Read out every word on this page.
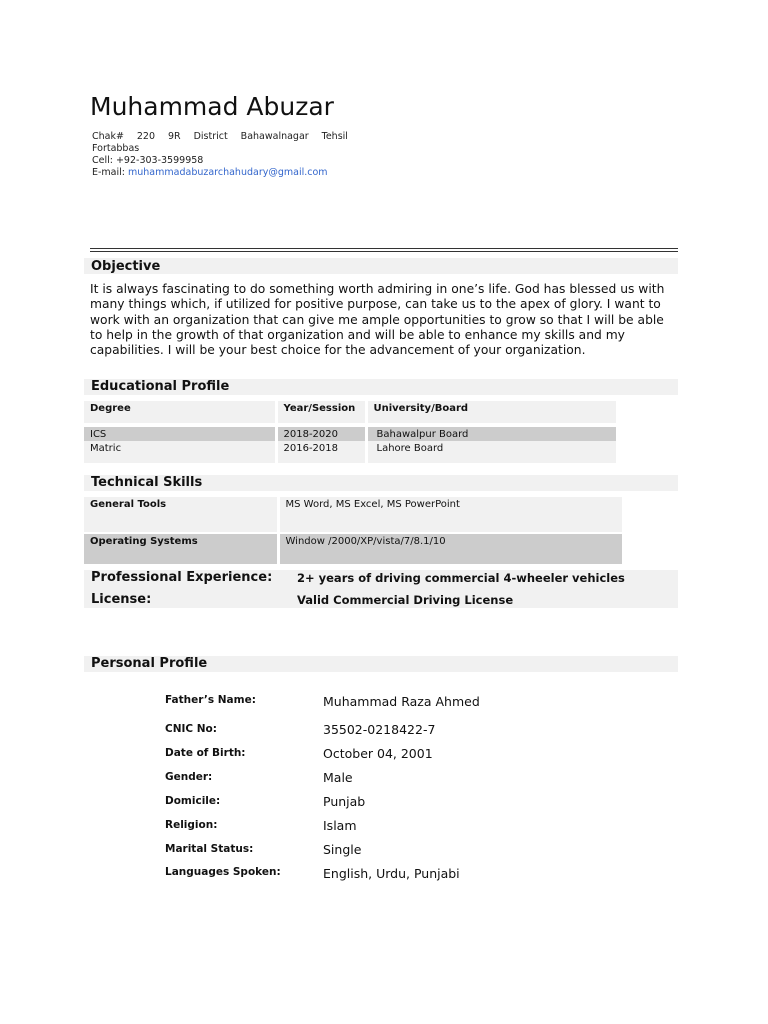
Muhammad Abuzar
Chak# 220 9R District Bahawalnagar Tehsil
Fortabbas
Cell: +92-303-3599958
E-mail: muhammadabuzarchahudary@gmail.com
Objective
It is always fascinating to do something worth admiring in one’s life. God has blessed us with many things which, if utilized for positive purpose, can take us to the apex of glory. I want to work with an organization that can give me ample opportunities to grow so that I will be able to help in the growth of that organization and will be able to enhance my skills and my capabilities. I will be your best choice for the advancement of your organization.
Educational Profile
Degree	Year/Session	University/Board

ICS	2018-2020	Bahawalpur Board
Matric	2016-2018	Lahore Board
Technical Skills
General Tools	MS Word, MS Excel, MS PowerPoint

Operating Systems	Window /2000/XP/vista/7/8.1/10
Professional Experience: 2+ years of driving commercial 4-wheeler vehicles
License:	Valid Commercial Driving License
Personal Profile
Father’s Name:	Muhammad Raza Ahmed
CNIC No:	35502-0218422-7
Date of Birth:	October 04, 2001
Gender:	Male
Domicile:	Punjab
Religion:	Islam
Marital Status:	Single
Languages Spoken:	English, Urdu, Punjabi
